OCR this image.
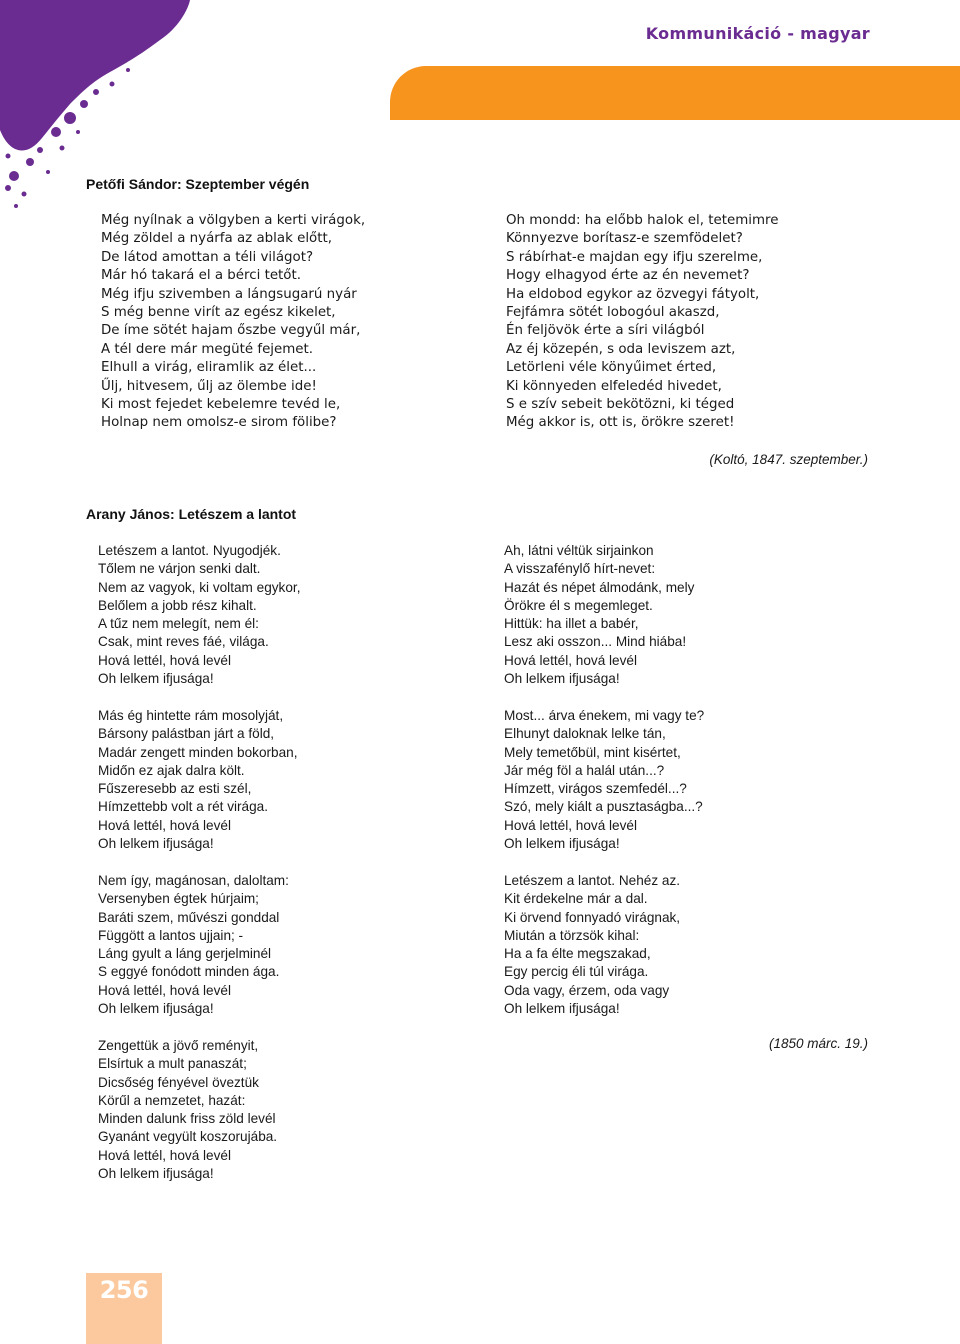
Kommunikáció - magyar
Petőfi Sándor: Szeptember végén
Még nyílnak a völgyben a kerti virágok,
Még zöldel a nyárfa az ablak előtt,
De látod amottan a téli világot?
Már hó takará el a bérci tetőt.
Még ifju szivemben a lángsugarú nyár
S még benne virít az egész kikelet,
De íme sötét hajam őszbe vegyűl már,
A tél dere már megüté fejemet.
Elhull a virág, eliramlik az élet...
Űlj, hitvesem, űlj az ölembe ide!
Ki most fejedet kebelemre tevéd le,
Holnap nem omolsz-e sirom fölibe?
Oh mondd: ha előbb halok el, tetemimre
Könnyezve borítasz-e szemfödelet?
S rábírhat-e majdan egy ifju szerelme,
Hogy elhagyod érte az én nevemet?
Ha eldobod egykor az özvegyi fátyolt,
Fejfámra sötét lobogóul akaszd,
Én feljövök érte a síri világból
Az éj közepén, s oda leviszem azt,
Letörleni véle könyűimet érted,
Ki könnyeden elfeledéd hivedet,
S e szív sebeit bekötözni, ki téged
Még akkor is, ott is, örökre szeret!
(Koltó, 1847. szeptember.)
Arany János: Letészem a lantot
Letészem a lantot. Nyugodjék.
Tőlem ne várjon senki dalt.
Nem az vagyok, ki voltam egykor,
Belőlem a jobb rész kihalt.
A tűz nem melegít, nem él:
Csak, mint reves fáé, világa.
Hová lettél, hová levél
Oh lelkem ifjusága!
Más ég hintette rám mosolyját,
Bársony palástban járt a föld,
Madár zengett minden bokorban,
Midőn ez ajak dalra költ.
Fűszeresebb az esti szél,
Hímzettebb volt a rét virága.
Hová lettél, hová levél
Oh lelkem ifjusága!
Nem így, magánosan, daloltam:
Versenyben égtek húrjaim;
Baráti szem, művészi gonddal
Függött a lantos ujjain; -
Láng gyult a láng gerjelminél
S eggyé fonódott minden ága.
Hová lettél, hová levél
Oh lelkem ifjusága!
Zengettük a jövő reményit,
Elsírtuk a mult panaszát;
Dicsőség fényével öveztük
Körűl a nemzetet, hazát:
Minden dalunk friss zöld levél
Gyanánt vegyült koszorujába.
Hová lettél, hová levél
Oh lelkem ifjusága!
Ah, látni véltük sirjainkon
A visszafénylő hírt-nevet:
Hazát és népet álmodánk, mely
Örökre él s megemleget.
Hittük: ha illet a babér,
Lesz aki osszon... Mind hiába!
Hová lettél, hová levél
Oh lelkem ifjusága!
Most... árva énekem, mi vagy te?
Elhunyt daloknak lelke tán,
Mely temetőbül, mint kisértet,
Jár még föl a halál után...?
Hímzett, virágos szemfedél...?
Szó, mely kiált a pusztaságba...?
Hová lettél, hová levél
Oh lelkem ifjusága!
Letészem a lantot. Nehéz az.
Kit érdekelne már a dal.
Ki örvend fonnyadó virágnak,
Miután a törzsök kihal:
Ha a fa élte megszakad,
Egy percig éli túl virága.
Oda vagy, érzem, oda vagy
Oh lelkem ifjusága!
(1850 márc. 19.)
256
